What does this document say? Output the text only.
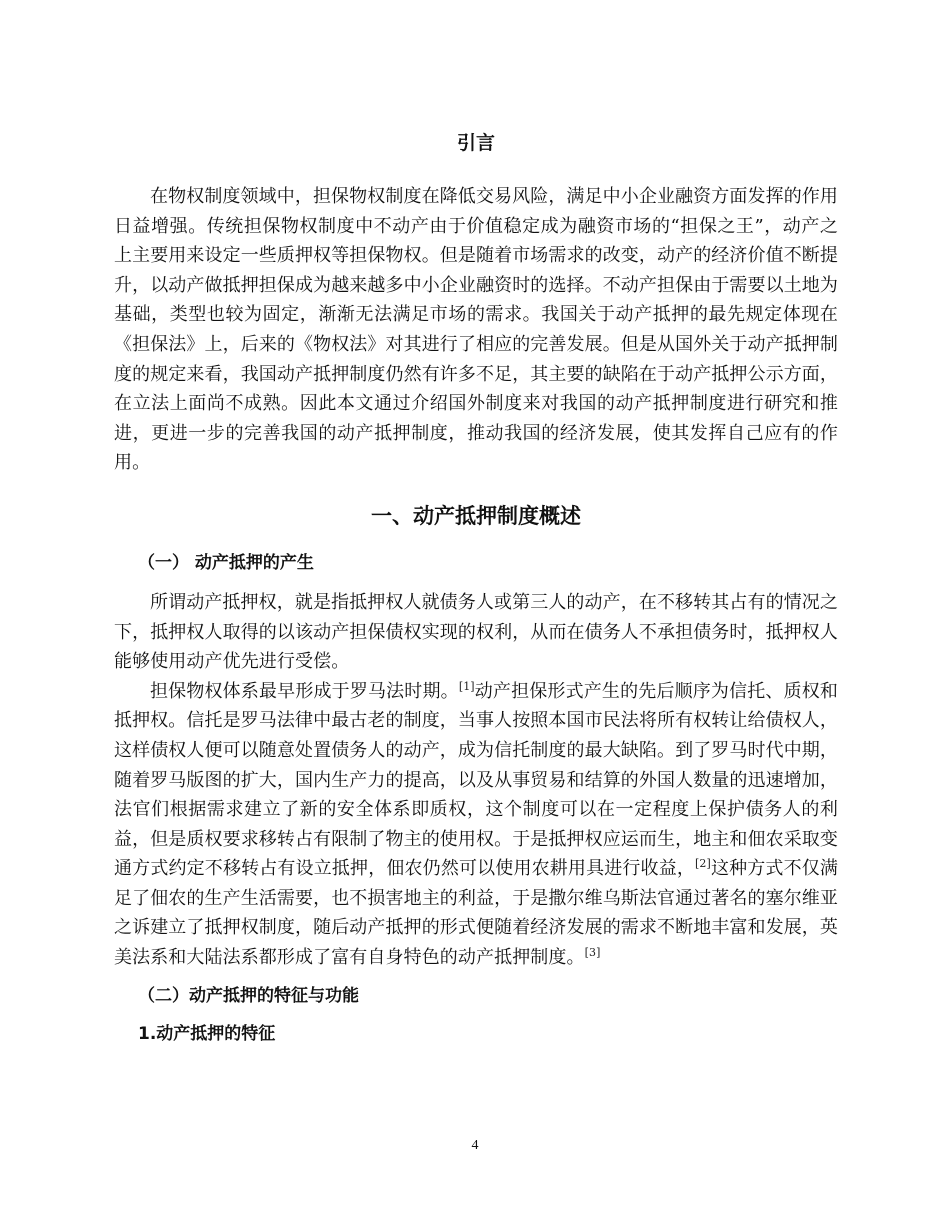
引言

在物权制度领域中，担保物权制度在降低交易风险，满足中小企业融资方面发挥的作用日益增强。传统担保物权制度中不动产由于价值稳定成为融资市场的“担保之王”，动产之上主要用来设定一些质押权等担保物权。但是随着市场需求的改变，动产的经济价值不断提升，以动产做抵押担保成为越来越多中小企业融资时的选择。不动产担保由于需要以土地为基础，类型也较为固定，渐渐无法满足市场的需求。我国关于动产抵押的最先规定体现在《担保法》上，后来的《物权法》对其进行了相应的完善发展。但是从国外关于动产抵押制度的规定来看，我国动产抵押制度仍然有许多不足，其主要的缺陷在于动产抵押公示方面，在立法上面尚不成熟。因此本文通过介绍国外制度来对我国的动产抵押制度进行研究和推进，更进一步的完善我国的动产抵押制度，推动我国的经济发展，使其发挥自己应有的作用。

一、动产抵押制度概述
（一） 动产抵押的产生

所谓动产抵押权，就是指抵押权人就债务人或第三人的动产，在不移转其占有的情况之下，抵押权人取得的以该动产担保债权实现的权利，从而在债务人不承担债务时，抵押权人能够使用动产优先进行受偿。

担保物权体系最早形成于罗马法时期。[1]动产担保形式产生的先后顺序为信托、质权和抵押权。信托是罗马法律中最古老的制度，当事人按照本国市民法将所有权转让给债权人，这样债权人便可以随意处置债务人的动产，成为信托制度的最大缺陷。到了罗马时代中期，随着罗马版图的扩大，国内生产力的提高，以及从事贸易和结算的外国人数量的迅速增加，法官们根据需求建立了新的安全体系即质权，这个制度可以在一定程度上保护债务人的利益，但是质权要求移转占有限制了物主的使用权。于是抵押权应运而生，地主和佃农采取变通方式约定不移转占有设立抵押，佃农仍然可以使用农耕用具进行收益，[2]这种方式不仅满足了佃农的生产生活需要，也不损害地主的利益，于是撒尔维乌斯法官通过著名的塞尔维亚之诉建立了抵押权制度，随后动产抵押的形式便随着经济发展的需求不断地丰富和发展，英美法系和大陆法系都形成了富有自身特色的动产抵押制度。[3]

（二）动产抵押的特征与功能
1.动产抵押的特征
4
